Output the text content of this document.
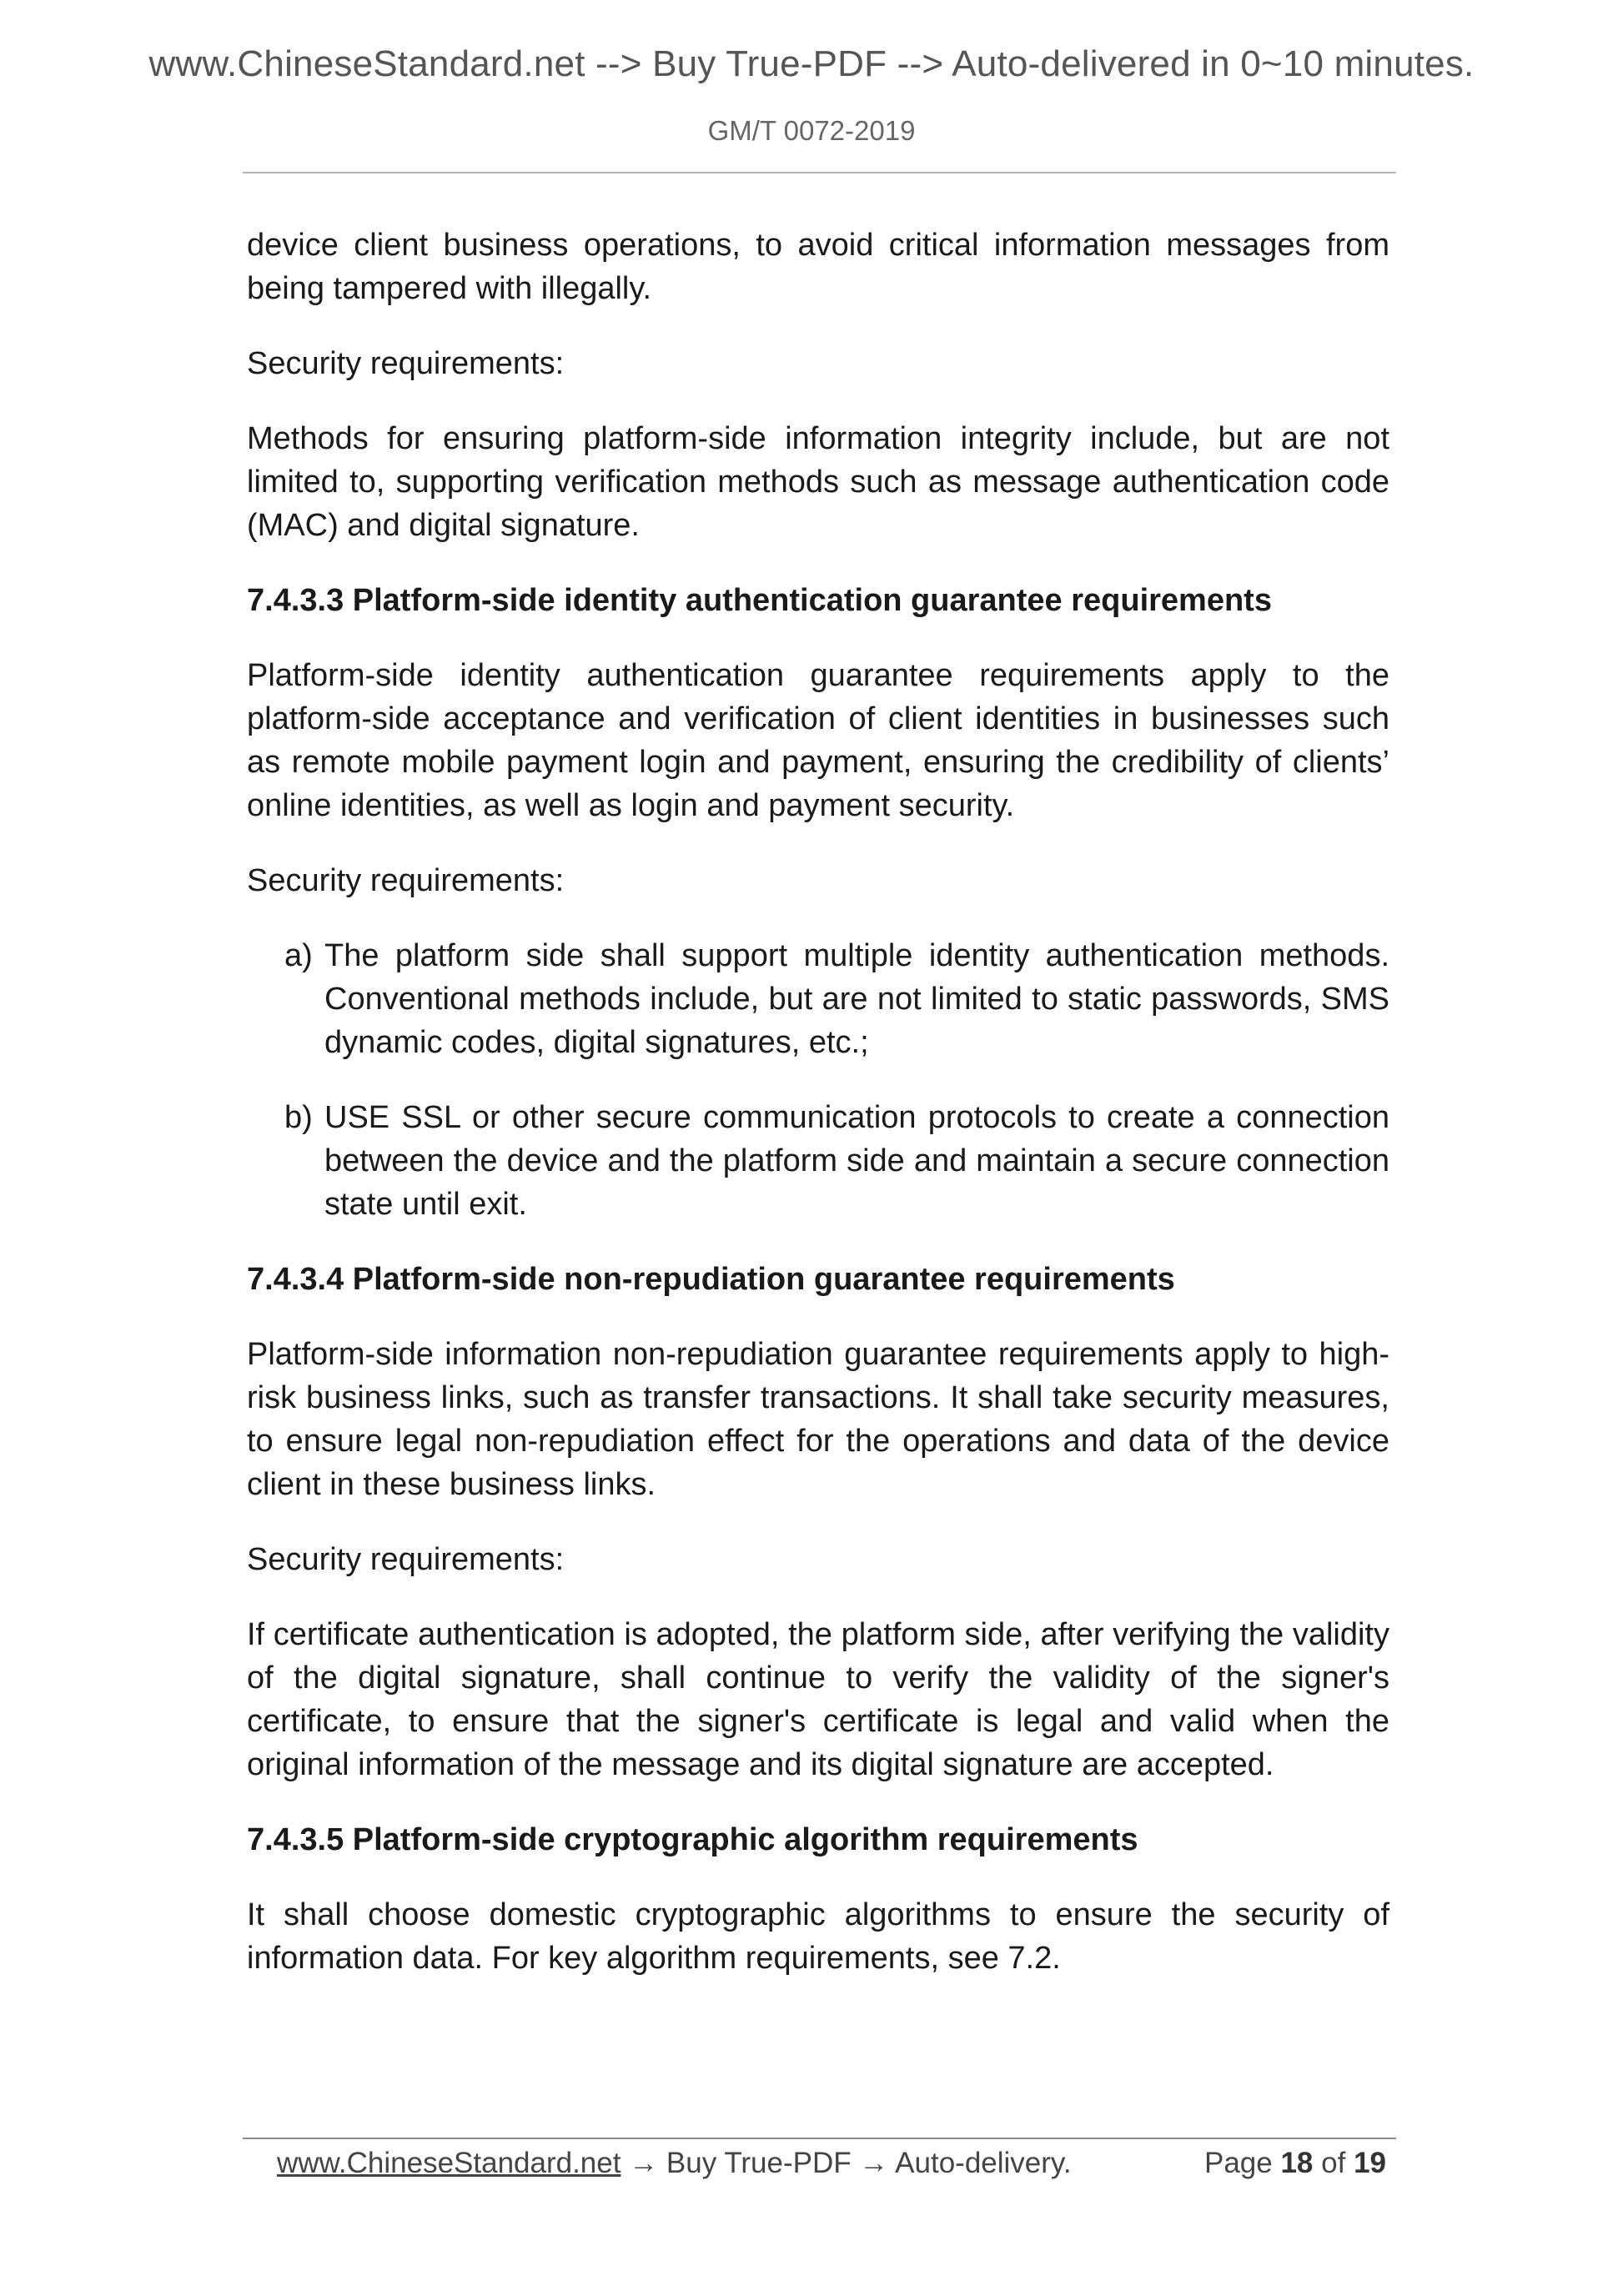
www.ChineseStandard.net --> Buy True-PDF --> Auto-delivered in 0~10 minutes.
GM/T 0072-2019

device client business operations, to avoid critical information messages from being tampered with illegally.

Security requirements:

Methods for ensuring platform-side information integrity include, but are not limited to, supporting verification methods such as message authentication code (MAC) and digital signature.

7.4.3.3 Platform-side identity authentication guarantee requirements

Platform-side identity authentication guarantee requirements apply to the platform-side acceptance and verification of client identities in businesses such as remote mobile payment login and payment, ensuring the credibility of clients’ online identities, as well as login and payment security.

Security requirements:

a) The platform side shall support multiple identity authentication methods. Conventional methods include, but are not limited to static passwords, SMS dynamic codes, digital signatures, etc.;
b) USE SSL or other secure communication protocols to create a connection between the device and the platform side and maintain a secure connection state until exit.
7.4.3.4 Platform-side non-repudiation guarantee requirements

Platform-side information non-repudiation guarantee requirements apply to high-risk business links, such as transfer transactions. It shall take security measures, to ensure legal non-repudiation effect for the operations and data of the device client in these business links.

Security requirements:

If certificate authentication is adopted, the platform side, after verifying the validity of the digital signature, shall continue to verify the validity of the signer's certificate, to ensure that the signer's certificate is legal and valid when the original information of the message and its digital signature are accepted.

7.4.3.5 Platform-side cryptographic algorithm requirements

It shall choose domestic cryptographic algorithms to ensure the security of information data. For key algorithm requirements, see 7.2.

www.ChineseStandard.net → Buy True-PDF → Auto-delivery.	Page 18 of 19
